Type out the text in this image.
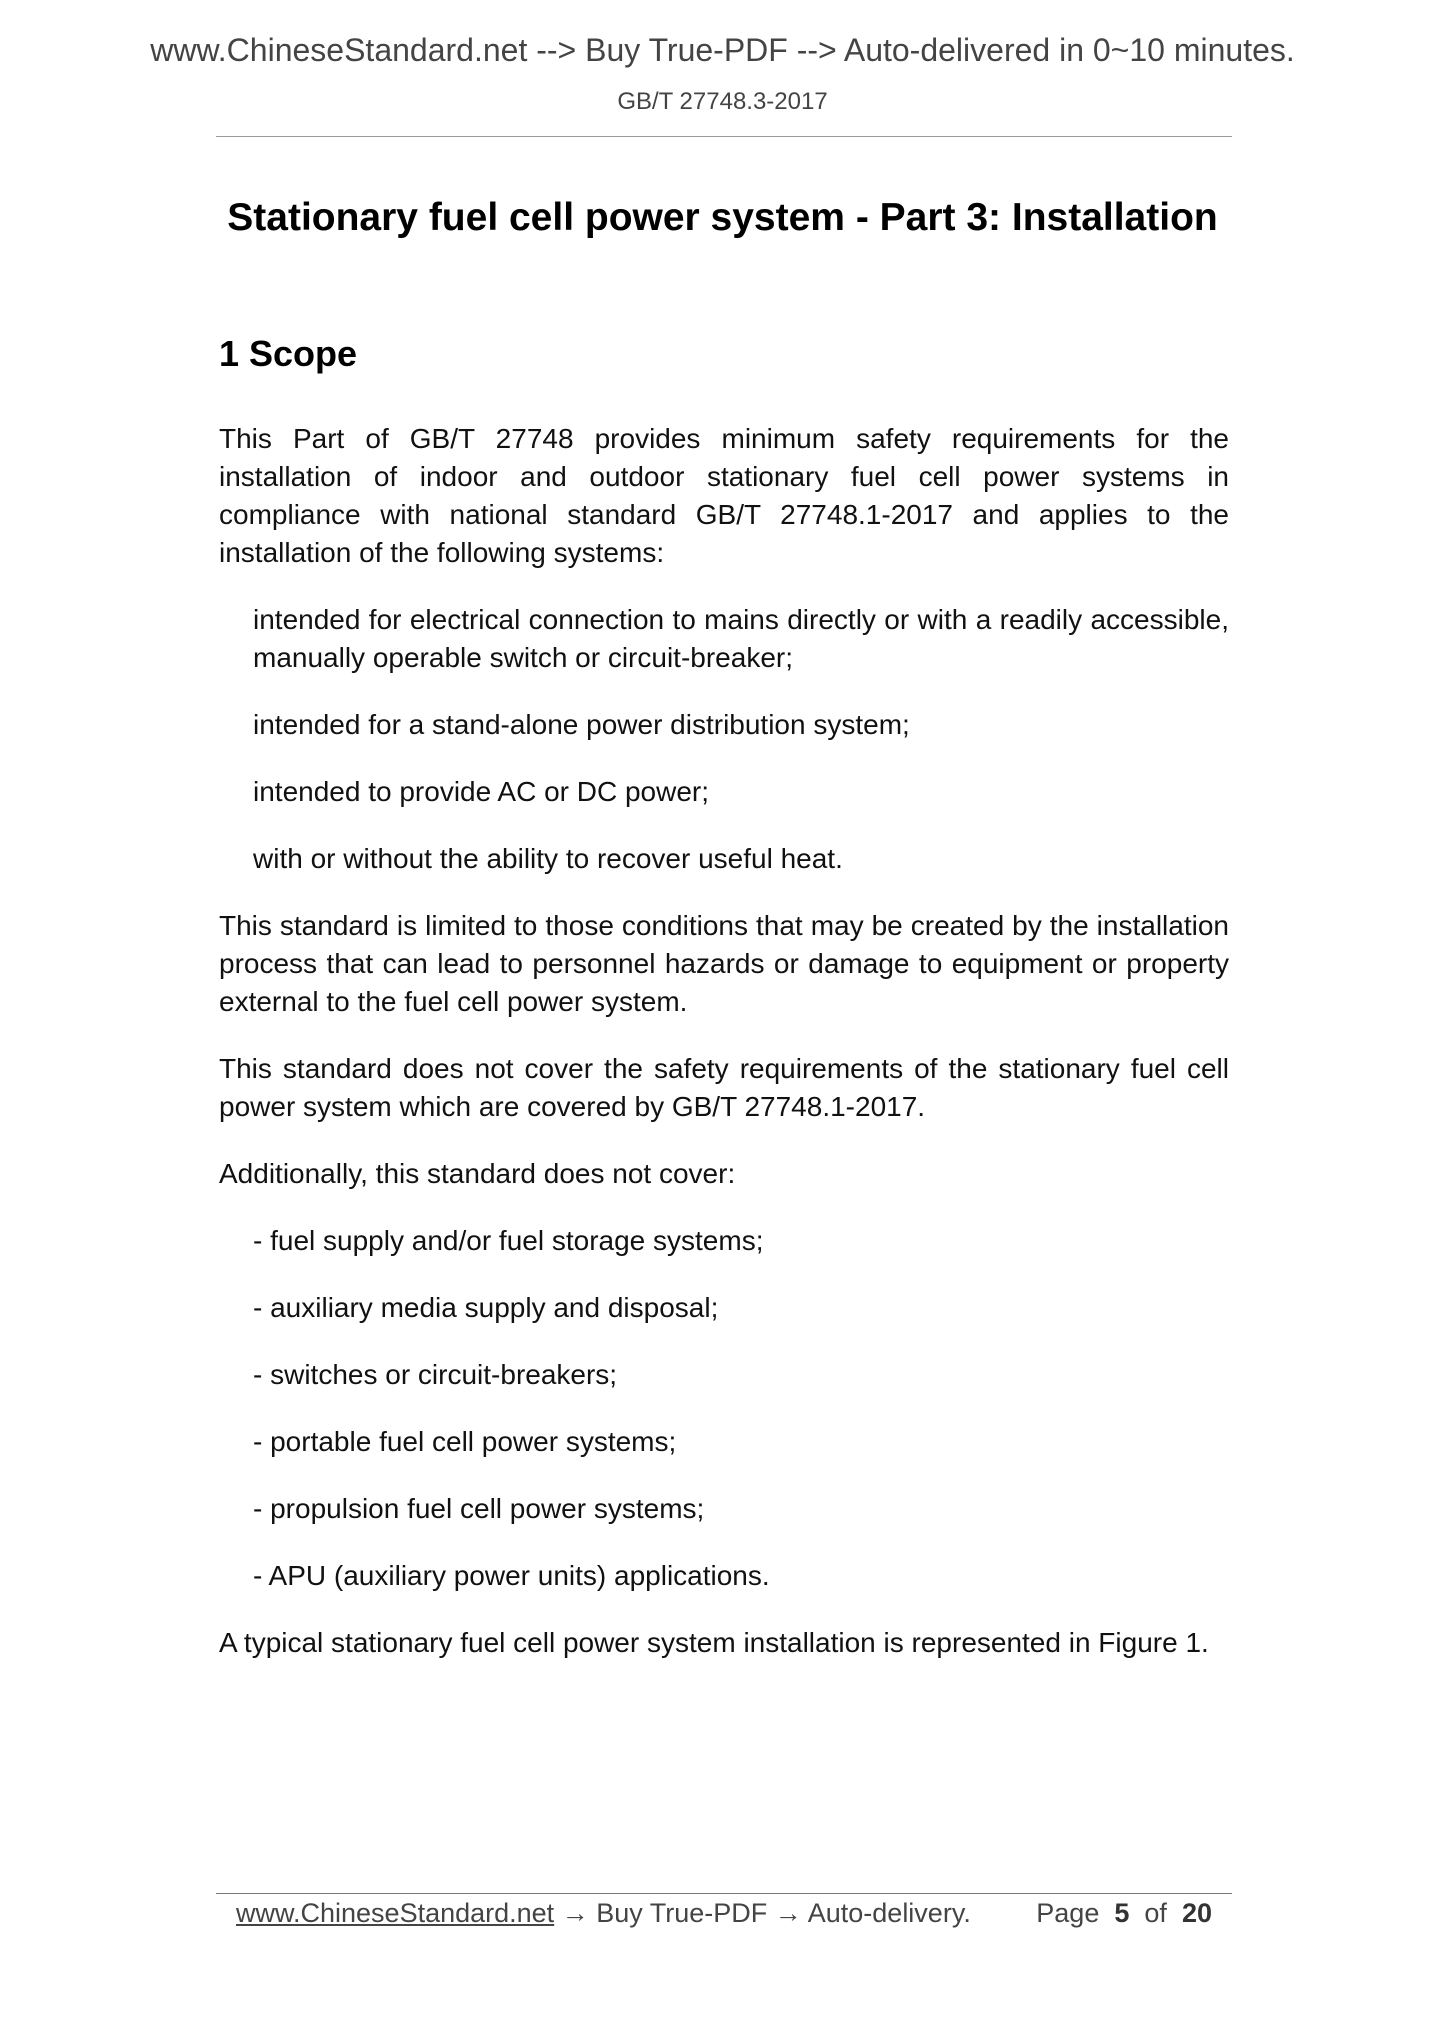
www.ChineseStandard.net --> Buy True-PDF --> Auto-delivered in 0~10 minutes.
GB/T 27748.3-2017
Stationary fuel cell power system - Part 3: Installation
1 Scope

This Part of GB/T 27748 provides minimum safety requirements for the installation of indoor and outdoor stationary fuel cell power systems in compliance with national standard GB/T 27748.1-2017 and applies to the installation of the following systems:

intended for electrical connection to mains directly or with a readily accessible, manually operable switch or circuit-breaker;

intended for a stand-alone power distribution system;

intended to provide AC or DC power;

with or without the ability to recover useful heat.

This standard is limited to those conditions that may be created by the installation process that can lead to personnel hazards or damage to equipment or property external to the fuel cell power system.

This standard does not cover the safety requirements of the stationary fuel cell power system which are covered by GB/T 27748.1-2017.

Additionally, this standard does not cover:

- fuel supply and/or fuel storage systems;

- auxiliary media supply and disposal;

- switches or circuit-breakers;

- portable fuel cell power systems;

- propulsion fuel cell power systems;

- APU (auxiliary power units) applications.

A typical stationary fuel cell power system installation is represented in Figure 1.

www.ChineseStandard.net → Buy True-PDF → Auto-delivery. Page 5 of 20
